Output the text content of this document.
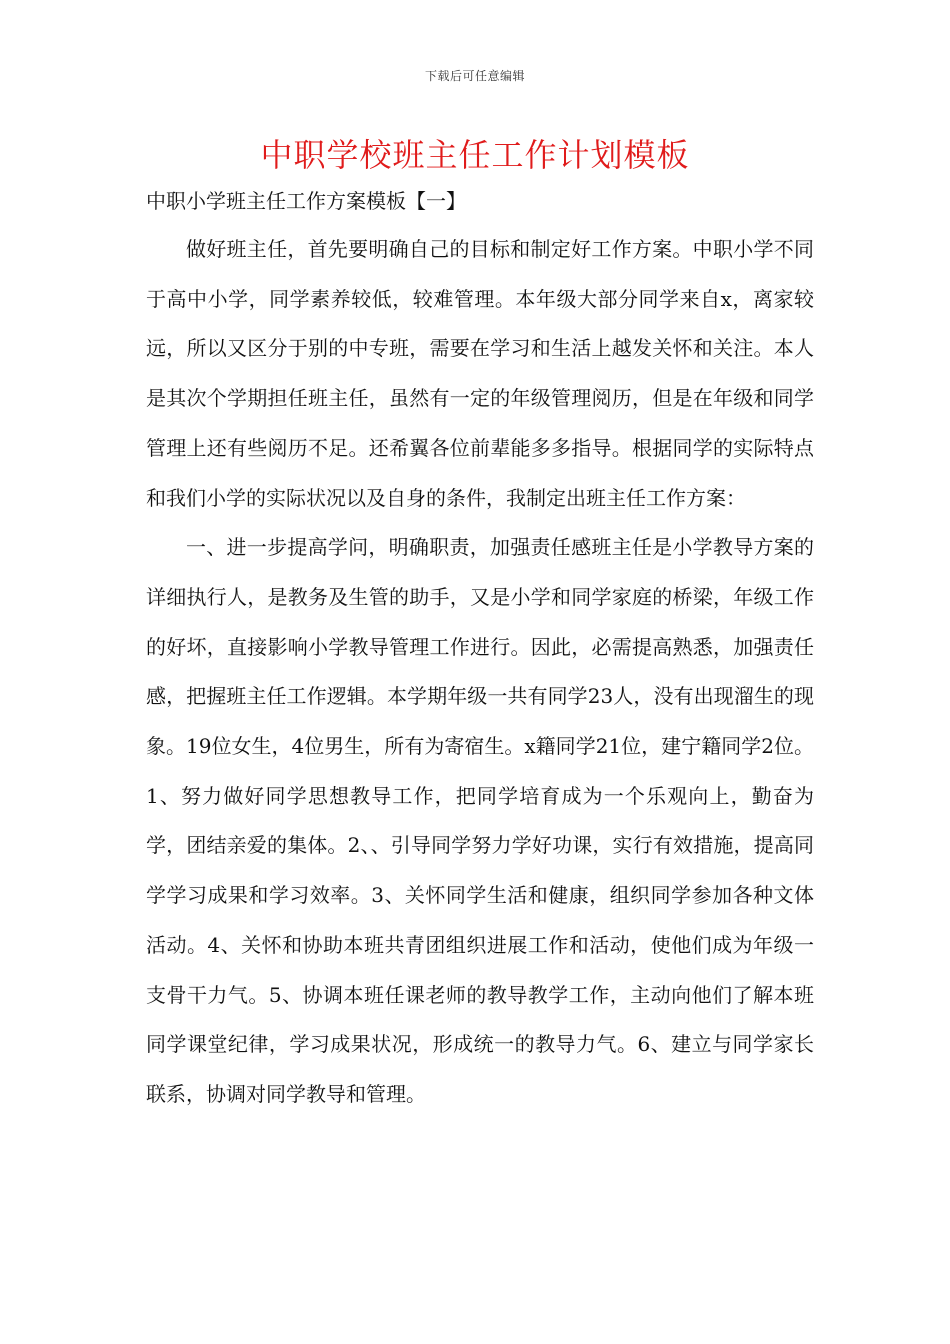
下载后可任意编辑
中职学校班主任工作计划模板
中职小学班主任工作方案模板【一】

做好班主任，首先要明确自己的目标和制定好工作方案。中职小学不同于高中小学，同学素养较低，较难管理。本年级大部分同学来自x，离家较远，所以又区分于别的中专班，需要在学习和生活上越发关怀和关注。本人是其次个学期担任班主任，虽然有一定的年级管理阅历，但是在年级和同学管理上还有些阅历不足。还希翼各位前辈能多多指导。根据同学的实际特点和我们小学的实际状况以及自身的条件，我制定出班主任工作方案：

一、进一步提高学问，明确职责，加强责任感班主任是小学教导方案的详细执行人，是教务及生管的助手，又是小学和同学家庭的桥梁，年级工作的好坏，直接影响小学教导管理工作进行。因此，必需提高熟悉，加强责任感，把握班主任工作逻辑。本学期年级一共有同学23人，没有出现溜生的现象。19位女生，4位男生，所有为寄宿生。x籍同学21位，建宁籍同学2位。1、努力做好同学思想教导工作，把同学培育成为一个乐观向上，勤奋为学，团结亲爱的集体。2、、引导同学努力学好功课，实行有效措施，提高同学学习成果和学习效率。3、关怀同学生活和健康，组织同学参加各种文体活动。4、关怀和协助本班共青团组织进展工作和活动，使他们成为年级一支骨干力气。5、协调本班任课老师的教导教学工作，主动向他们了解本班同学课堂纪律，学习成果状况，形成统一的教导力气。6、建立与同学家长联系，协调对同学教导和管理。
